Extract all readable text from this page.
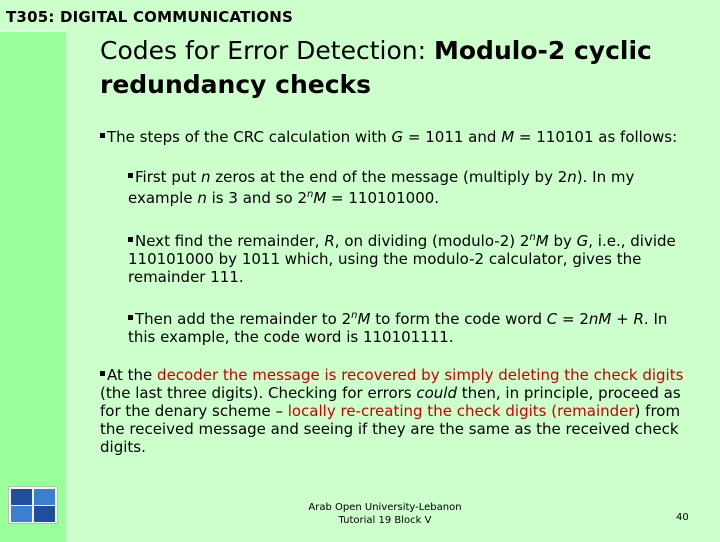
T305: DIGITAL COMMUNICATIONS
Codes for Error Detection: Modulo-2 cyclic redundancy checks

The steps of the CRC calculation with G = 1011 and M = 110101 as follows:

First put n zeros at the end of the message (multiply by 2n). In my example n is 3 and so $2^nM = 110101000$.

Next find the remainder, R, on dividing (modulo-2) 2$^n$M by G, i.e., divide 110101000 by 1011 which, using the modulo-2 calculator, gives the remainder 111.

Then add the remainder to 2$^n$M to form the code word C = 2nM + R. In this example, the code word is 110101111.

At the decoder the message is recovered by simply deleting the check digits (the last three digits). Checking for errors could then, in principle, proceed as for the denary scheme – locally re-creating the check digits (remainder) from the received message and seeing if they are the same as the received check digits.

Arab Open University-Lebanon
Tutorial 19 Block V	40
